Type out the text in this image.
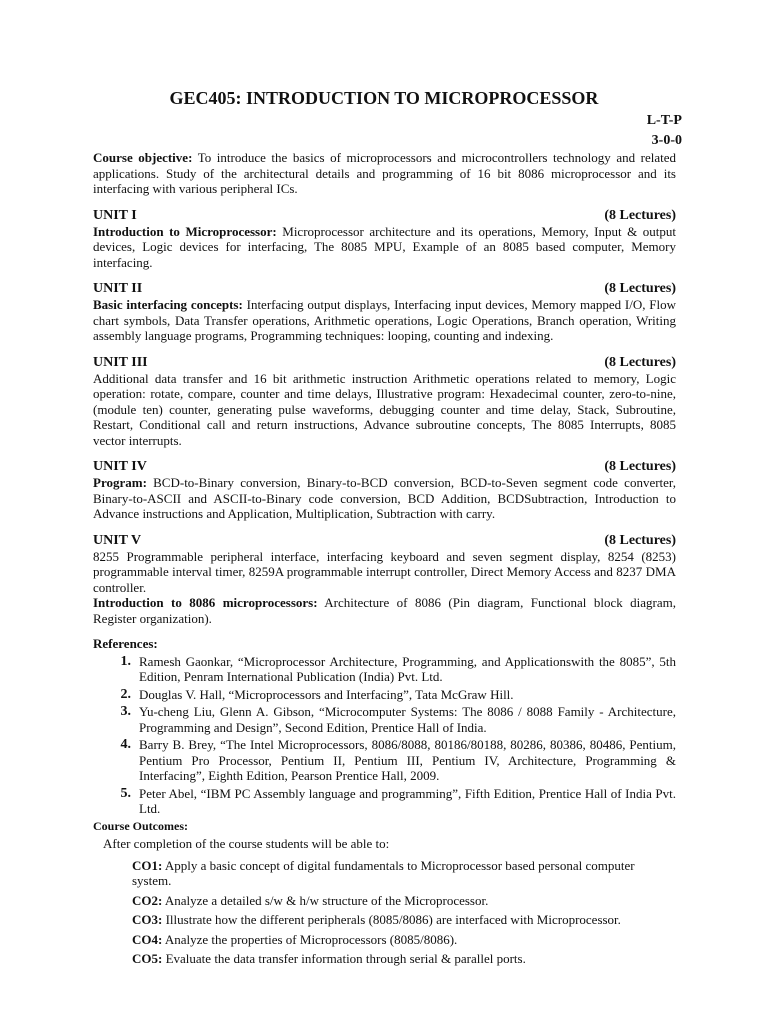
GEC405: INTRODUCTION TO MICROPROCESSOR
L-T-P
3-0-0

Course objective: To introduce the basics of microprocessors and microcontrollers technology and related applications. Study of the architectural details and programming of 16 bit 8086 microprocessor and its interfacing with various peripheral ICs.

UNIT I	(8 Lectures)

Introduction to Microprocessor: Microprocessor architecture and its operations, Memory, Input & output devices, Logic devices for interfacing, The 8085 MPU, Example of an 8085 based computer, Memory interfacing.

UNIT II	(8 Lectures)

Basic interfacing concepts: Interfacing output displays, Interfacing input devices, Memory mapped I/O, Flow chart symbols, Data Transfer operations, Arithmetic operations, Logic Operations, Branch operation, Writing assembly language programs, Programming techniques: looping, counting and indexing.

UNIT III	(8 Lectures)

Additional data transfer and 16 bit arithmetic instruction Arithmetic operations related to memory, Logic operation: rotate, compare, counter and time delays, Illustrative program: Hexadecimal counter, zero-to-nine, (module ten) counter, generating pulse waveforms, debugging counter and time delay, Stack, Subroutine, Restart, Conditional call and return instructions, Advance subroutine concepts, The 8085 Interrupts, 8085 vector interrupts.

UNIT IV	(8 Lectures)

Program: BCD-to-Binary conversion, Binary-to-BCD conversion, BCD-to-Seven segment code converter, Binary-to-ASCII and ASCII-to-Binary code conversion, BCD Addition, BCDSubtraction, Introduction to Advance instructions and Application, Multiplication, Subtraction with carry.

UNIT V	(8 Lectures)

8255 Programmable peripheral interface, interfacing keyboard and seven segment display, 8254 (8253) programmable interval timer, 8259A programmable interrupt controller, Direct Memory Access and 8237 DMA controller.

Introduction to 8086 microprocessors: Architecture of 8086 (Pin diagram, Functional block diagram, Register organization).

References:
1. Ramesh Gaonkar, “Microprocessor Architecture, Programming, and Applicationswith the 8085”, 5th Edition, Penram International Publication (India) Pvt. Ltd.
2. Douglas V. Hall, “Microprocessors and Interfacing”, Tata McGraw Hill.
3. Yu-cheng Liu, Glenn A. Gibson, “Microcomputer Systems: The 8086 / 8088 Family - Architecture, Programming and Design”, Second Edition, Prentice Hall of India.
4. Barry B. Brey, “The Intel Microprocessors, 8086/8088, 80186/80188, 80286, 80386, 80486, Pentium, Pentium Pro Processor, Pentium II, Pentium III, Pentium IV, Architecture, Programming & Interfacing”, Eighth Edition, Pearson Prentice Hall, 2009.
5. Peter Abel, “IBM PC Assembly language and programming”, Fifth Edition, Prentice Hall of India Pvt. Ltd.
Course Outcomes:
After completion of the course students will be able to:
CO1: Apply a basic concept of digital fundamentals to Microprocessor based personal computer system.
CO2: Analyze a detailed s/w & h/w structure of the Microprocessor.
CO3: Illustrate how the different peripherals (8085/8086) are interfaced with Microprocessor.
CO4: Analyze the properties of Microprocessors (8085/8086).
CO5: Evaluate the data transfer information through serial & parallel ports.
